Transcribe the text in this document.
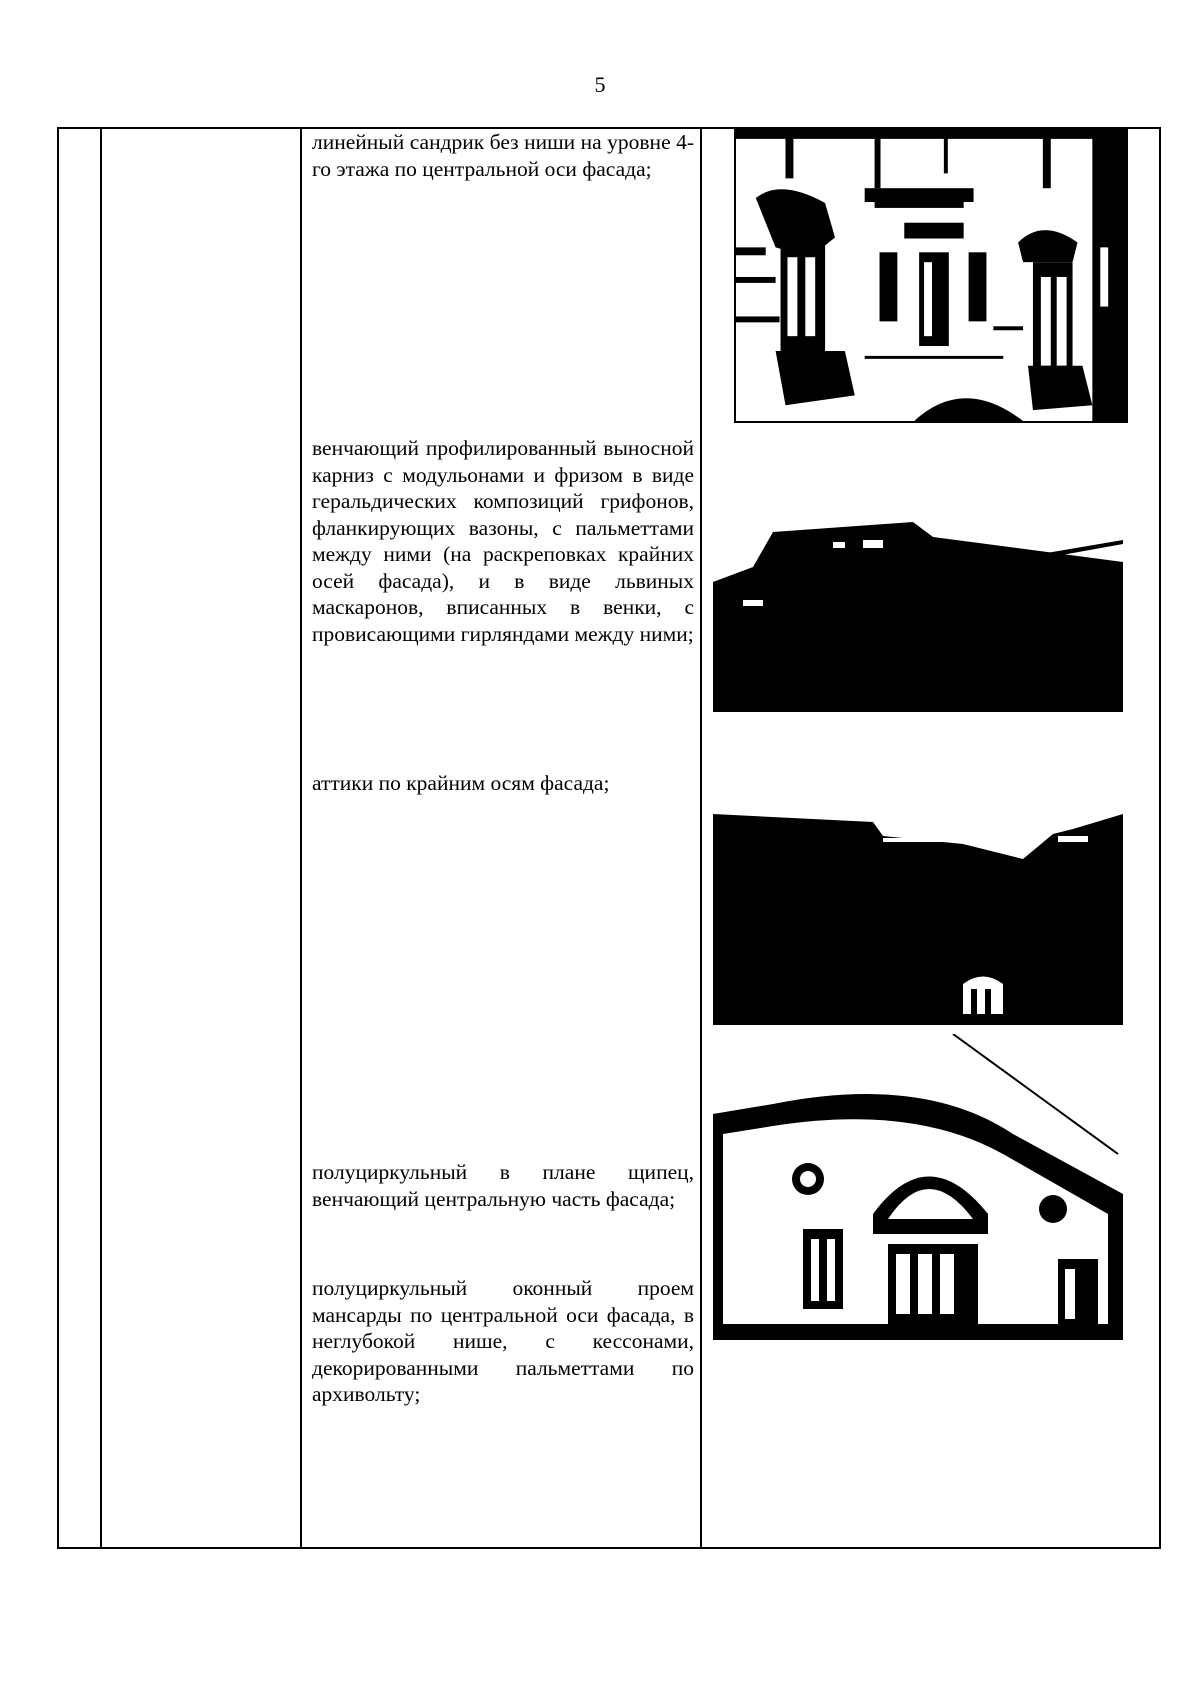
5
линейный сандрик без ниши на уровне 4-го этажа по центральной оси фасада;
венчающий профилированный выносной карниз с модульонами и фризом в виде геральдических композиций грифонов, фланкирующих вазоны, с пальметтами между ними (на раскреповках крайних осей фасада), и в виде львиных маскаронов, вписанных в венки, с провисающими гирляндами между ними;
аттики по крайним осям фасада;
полуциркульный в плане щипец, венчающий центральную часть фасада;
полуциркульный оконный проем мансарды по центральной оси фасада, в неглубокой нише, с кессонами, декорированными пальметтами по архивольту;
